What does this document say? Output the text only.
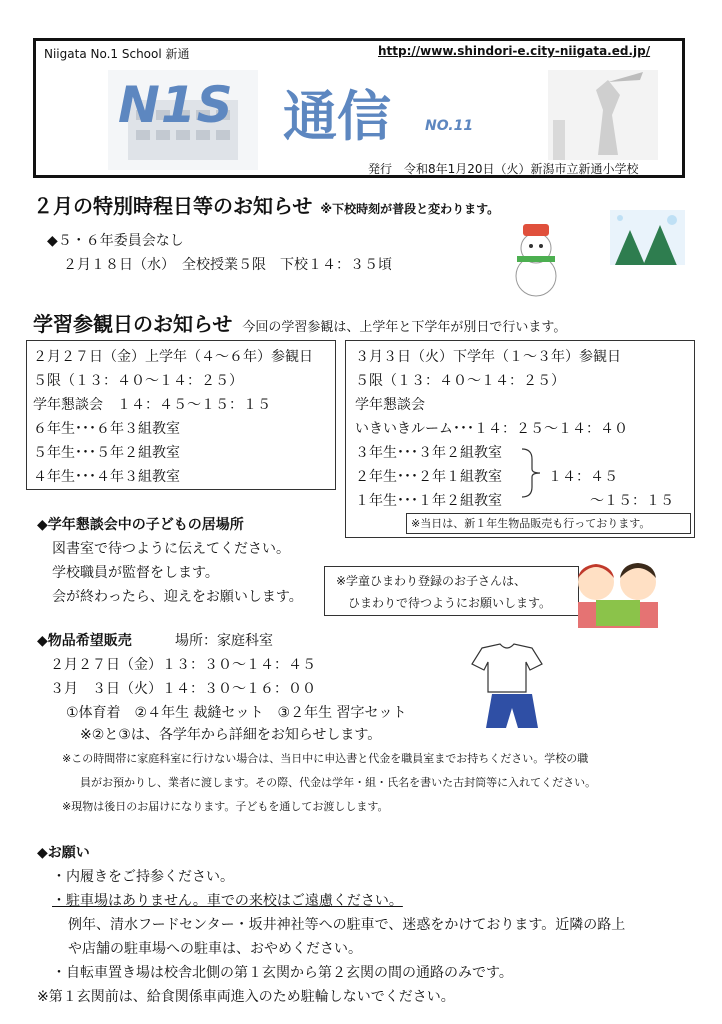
Niigata No.1 School 新通	http://www.shindori-e.city-niigata.ed.jp/
N1S 通信 NO.11
発行　令和8年1月20日（火）新潟市立新通小学校
２月の特別時程日等のお知らせ ※下校時刻が普段と変わります。
◆５・６年委員会なし
２月１８日（水）　全校授業５限　下校１４：３５頃
学習参観日のお知らせ 今回の学習参観は、上学年と下学年が別日で行います。
２月２７日（金）上学年（４～６年）参観日
５限（１３：４０～１４：２５）
学年懇談会　１４：４５～１５：１５
６年生･･･６年３組教室
５年生･･･５年２組教室
４年生･･･４年３組教室
３月３日（火）下学年（１～３年）参観日
５限（１３：４０～１４：２５）
学年懇談会
いきいきルーム･･･１４：２５～１４：４０
３年生･･･３年２組教室
２年生･･･２年１組教室
１年生･･･１年２組教室
１４：４５
～１５：１５
※当日は、新１年生物品販売も行っております。
◆学年懇談会中の子どもの居場所
図書室で待つように伝えてください。
学校職員が監督をします。
会が終わったら、迎えをお願いします。
※学童ひまわり登録のお子さんは、
ひまわりで待つようにお願いします。
◆物品希望販売	場所：家庭科室
２月２７日（金）１３：３０～１４：４５
３月　３日（火）１４：３０～１６：００
①体育着　②４年生 裁縫セット　③２年生 習字セット
※②と③は、各学年から詳細をお知らせします。
※この時間帯に家庭科室に行けない場合は、当日中に申込書と代金を職員室までお持ちください。学校の職
員がお預かりし、業者に渡します。その際、代金は学年・組・氏名を書いた古封筒等に入れてください。
※現物は後日のお届けになります。子どもを通してお渡しします。
◆お願い
・内履きをご持参ください。
・駐車場はありません。車での来校はご遠慮ください。
例年、清水フードセンター・坂井神社等への駐車で、迷惑をかけております。近隣の路上
や店舗の駐車場への駐車は、おやめください。
・自転車置き場は校舎北側の第１玄関から第２玄関の間の通路のみです。
※第１玄関前は、給食関係車両進入のため駐輪しないでください。
